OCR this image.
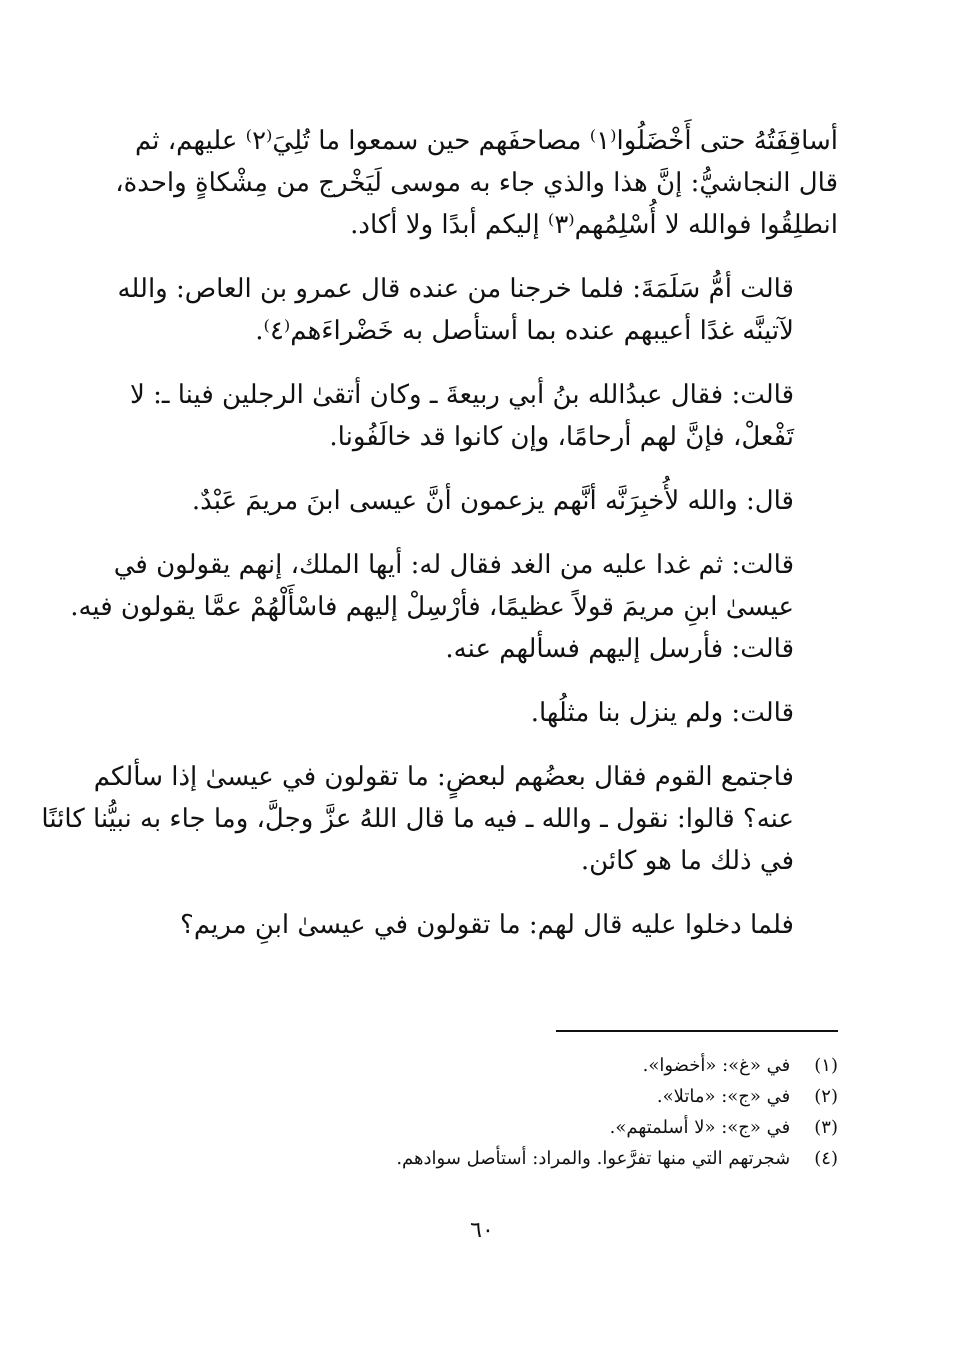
أساقِفَتُهُ حتى أَخْضَلُوا⁽١⁾ مصاحفَهم حين سمعوا ما تُلِيَ⁽٢⁾ عليهم، ثم
قال النجاشيُّ: إنَّ هذا والذي جاء به موسى لَيَخْرج من مِشْكاةٍ واحدة،
انطلِقُوا فوالله لا أُسْلِمُهم⁽٣⁾ إليكم أبدًا ولا أكاد.

قالت أمُّ سَلَمَةَ: فلما خرجنا من عنده قال عمرو بن العاص: والله
لآتينَّه غدًا أعيبهم عنده بما أستأصل به خَضْراءَهم⁽٤⁾.

قالت: فقال عبدُالله بنُ أبي ربيعةَ ـ وكان أتقىٰ الرجلين فينا ـ: لا
تَفْعلْ، فإنَّ لهم أرحامًا، وإن كانوا قد خالَفُونا.

قال: والله لأُخبِرَنَّه أنَّهم يزعمون أنَّ عيسى ابنَ مريمَ عَبْدٌ.

قالت: ثم غدا عليه من الغد فقال له: أيها الملك، إنهم يقولون في
عيسىٰ ابنِ مريمَ قولاً عظيمًا، فأرْسِلْ إليهم فاسْأَلْهُمْ عمَّا يقولون فيه.
قالت: فأرسل إليهم فسألهم عنه.

قالت: ولم ينزل بنا مثلُها.

فاجتمع القوم فقال بعضُهم لبعضٍ: ما تقولون في عيسىٰ إذا سألكم
عنه؟ قالوا: نقول ـ والله ـ فيه ما قال اللهُ عزَّ وجلَّ، وما جاء به نبيُّنا كائنًا
في ذلك ما هو كائن.

فلما دخلوا عليه قال لهم: ما تقولون في عيسىٰ ابنِ مريم؟

(١) في «غ»: «أخضوا».
(٢) في «ج»: «ماتلا».
(٣) في «ج»: «لا أسلمتهم».
(٤) شجرتهم التي منها تفرَّعوا. والمراد: أستأصل سوادهم.
٦٠
